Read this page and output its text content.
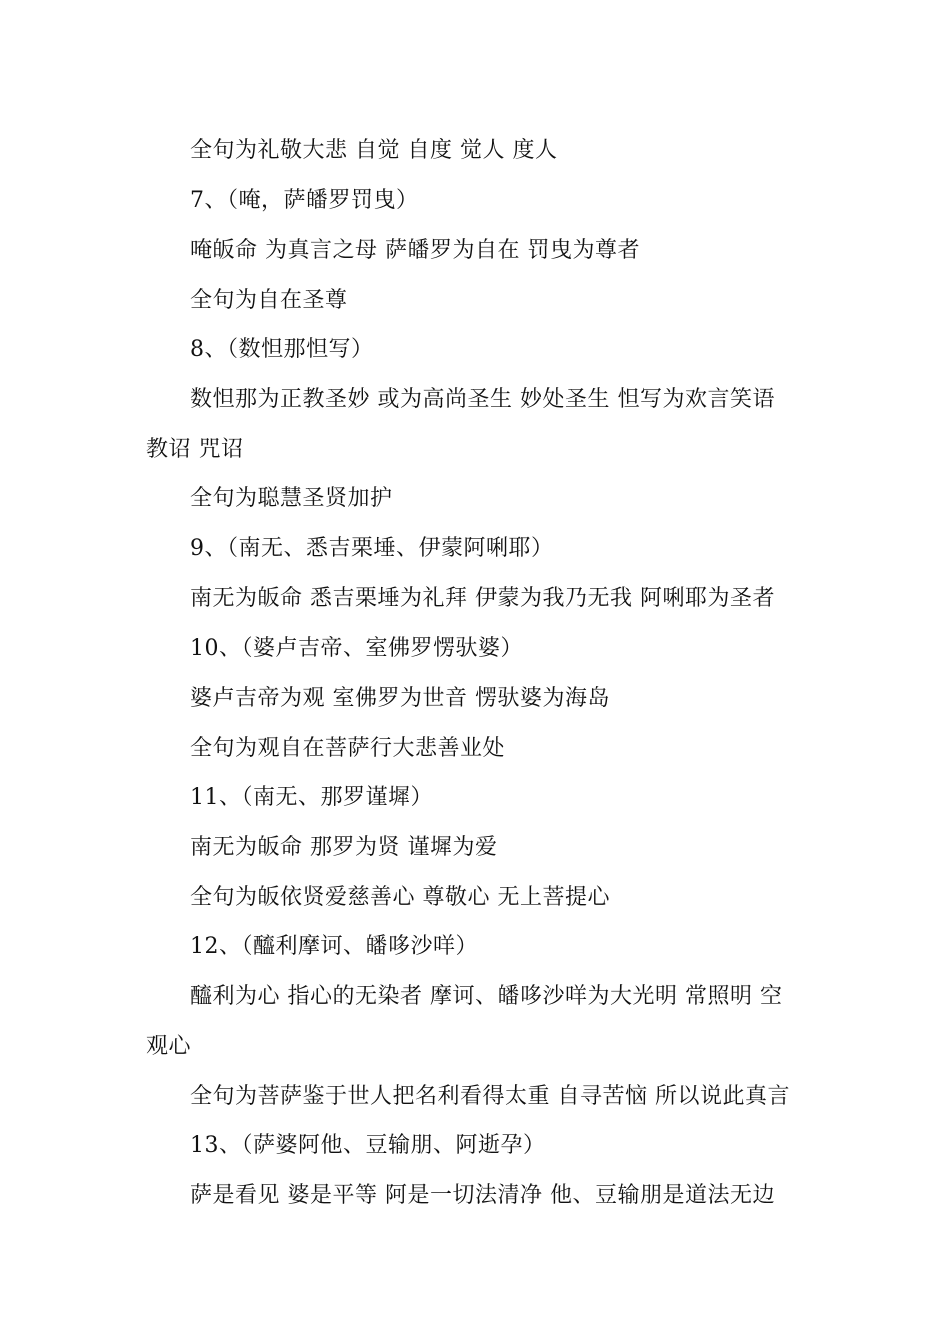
全句为礼敬大悲 自觉 自度 觉人 度人
7、（唵，萨皤罗罚曳）
唵皈命 为真言之母 萨皤罗为自在 罚曳为尊者
全句为自在圣尊
8、（数怛那怛写）
数怛那为正教圣妙 或为高尚圣生 妙处圣生 怛写为欢言笑语
教诏 咒诏
全句为聪慧圣贤加护
9、（南无、悉吉栗埵、伊蒙阿唎耶）
南无为皈命 悉吉栗埵为礼拜 伊蒙为我乃无我 阿唎耶为圣者
10、（婆卢吉帝、室佛罗愣驮婆）
婆卢吉帝为观 室佛罗为世音 愣驮婆为海岛
全句为观自在菩萨行大悲善业处
11、（南无、那罗谨墀）
南无为皈命 那罗为贤 谨墀为爱
全句为皈依贤爱慈善心 尊敬心 无上菩提心
12、（醯利摩诃、皤哆沙咩）
醯利为心 指心的无染者 摩诃、皤哆沙咩为大光明 常照明 空
观心
全句为菩萨鉴于世人把名利看得太重 自寻苦恼 所以说此真言
13、（萨婆阿他、豆输朋、阿逝孕）
萨是看见 婆是平等 阿是一切法清净 他、豆输朋是道法无边
